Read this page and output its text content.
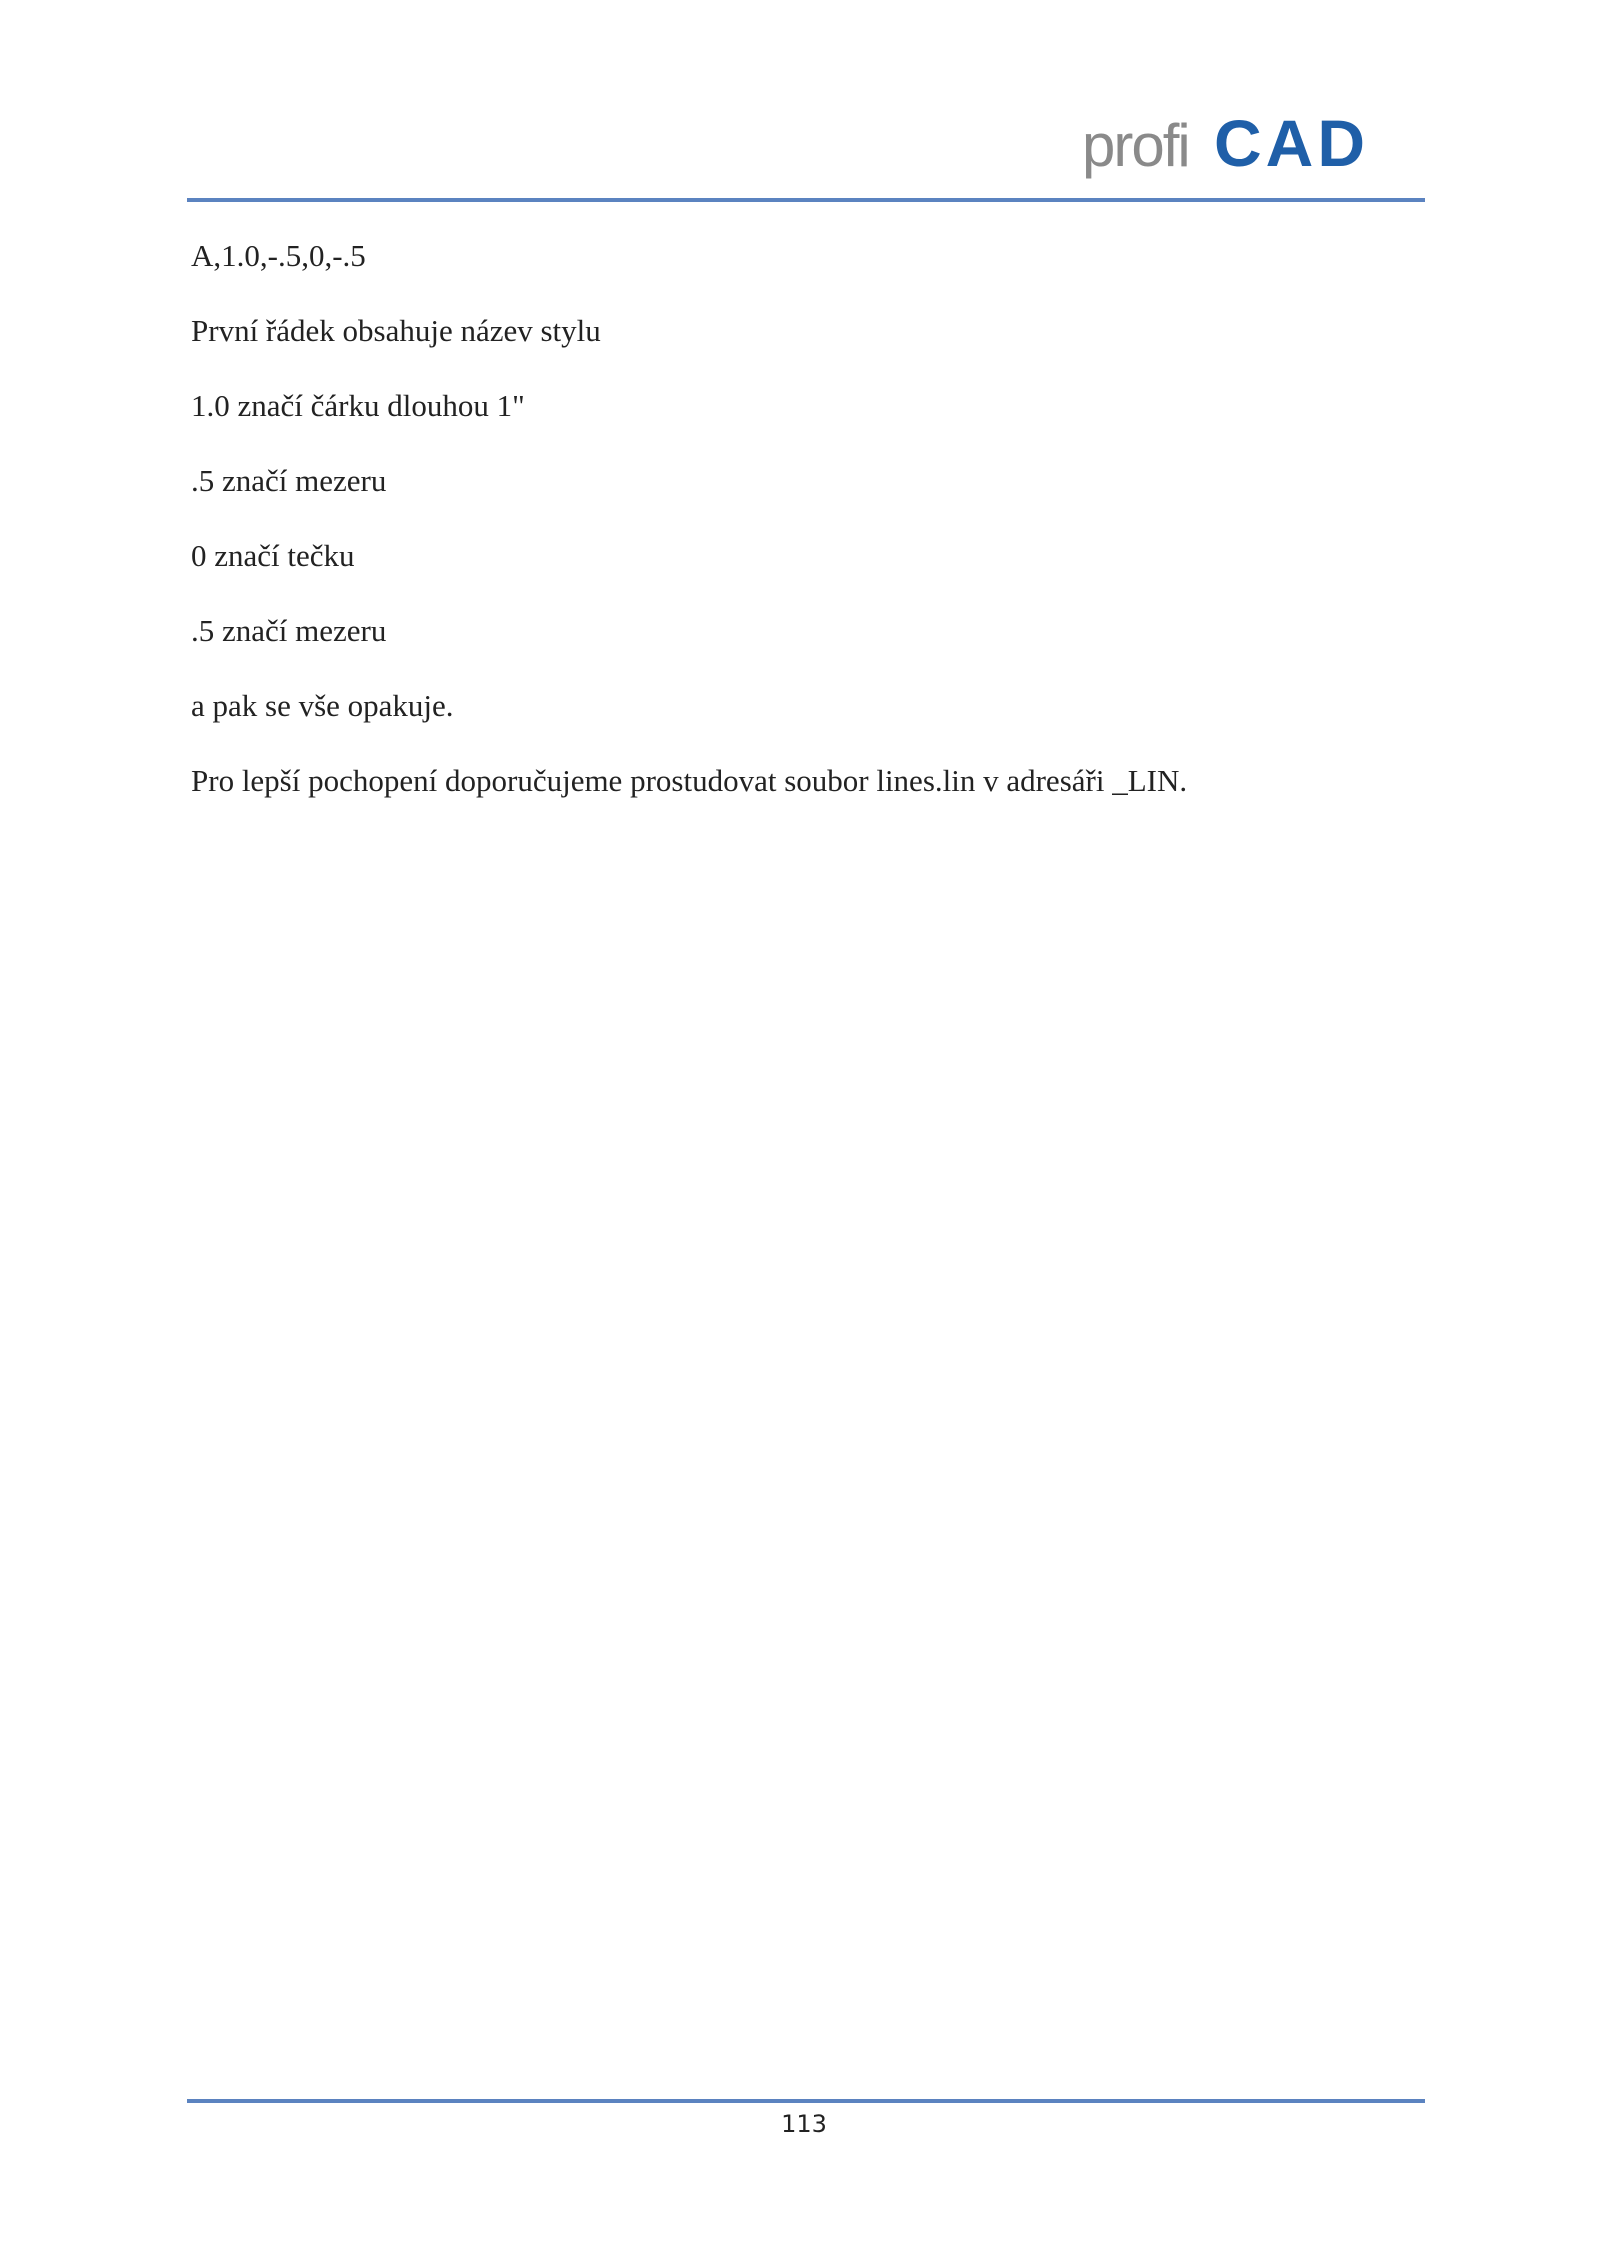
profi CAD

A,1.0,-.5,0,-.5

První řádek obsahuje název stylu

1.0 značí čárku dlouhou 1"

.5 značí mezeru

0 značí tečku

.5 značí mezeru

a pak se vše opakuje.

Pro lepší pochopení doporučujeme prostudovat soubor lines.lin v adresáři _LIN.

113
